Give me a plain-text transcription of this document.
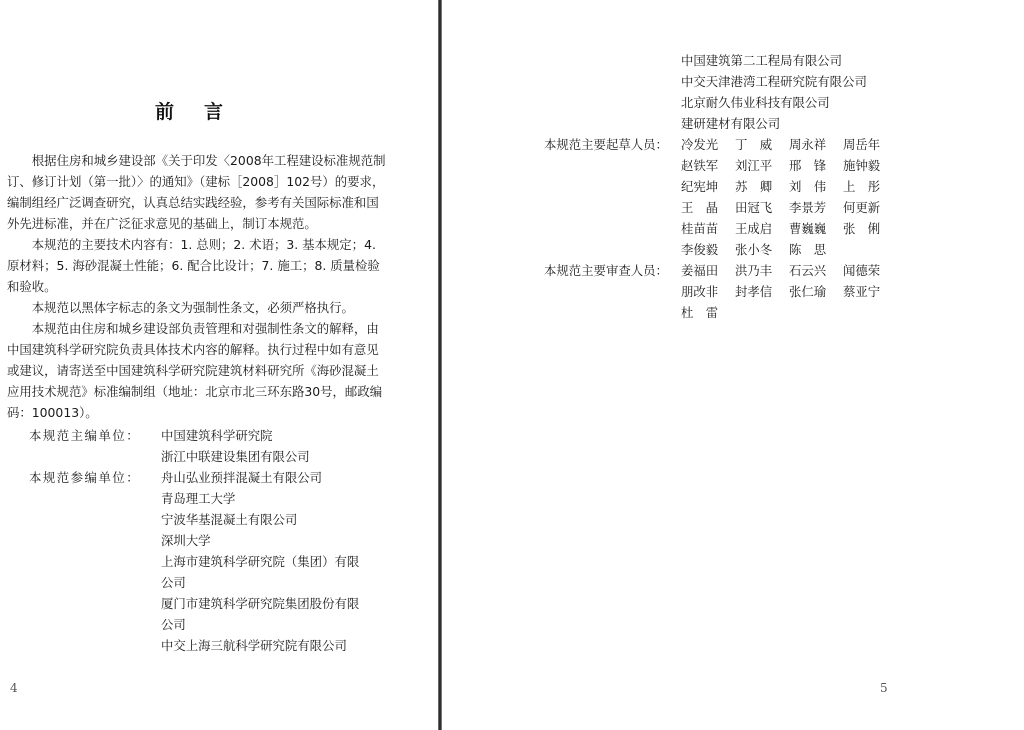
前言

根据住房和城乡建设部《关于印发〈2008年工程建设标准规范制订、修订计划（第一批）〉的通知》（建标［2008］102号）的要求，编制组经广泛调查研究，认真总结实践经验，参考有关国际标准和国外先进标准，并在广泛征求意见的基础上，制订本规范。

本规范的主要技术内容有：1. 总则；2. 术语；3. 基本规定；4. 原材料；5. 海砂混凝土性能；6. 配合比设计；7. 施工；8. 质量检验和验收。

本规范以黑体字标志的条文为强制性条文，必须严格执行。

本规范由住房和城乡建设部负责管理和对强制性条文的解释，由中国建筑科学研究院负责具体技术内容的解释。执行过程中如有意见或建议，请寄送至中国建筑科学研究院建筑材料研究所《海砂混凝土应用技术规范》标准编制组（地址：北京市北三环东路30号，邮政编码：100013）。

本规范主编单位：	中国建筑科学研究院
浙江中联建设集团有限公司
本规范参编单位：	舟山弘业预拌混凝土有限公司
青岛理工大学
宁波华基混凝土有限公司
深圳大学
上海市建筑科学研究院（集团）有限
公司
厦门市建筑科学研究院集团股份有限
公司
中交上海三航科学研究院有限公司
4
中国建筑第二工程局有限公司
中交天津港湾工程研究院有限公司
北京耐久伟业科技有限公司
建研建材有限公司
本规范主要起草人员：	冷发光	丁　威	周永祥	周岳年
赵铁军	刘江平	邢　锋	施钟毅
纪宪坤	苏　卿	刘　伟	上　彤
王　晶	田冠飞	李景芳	何更新
桂苗苗	王成启	曹巍巍	张　俐
李俊毅	张小冬	陈　思
本规范主要审查人员：	姜福田	洪乃丰	石云兴	闻德荣
朋改非	封孝信	张仁瑜	蔡亚宁
杜　雷
5
